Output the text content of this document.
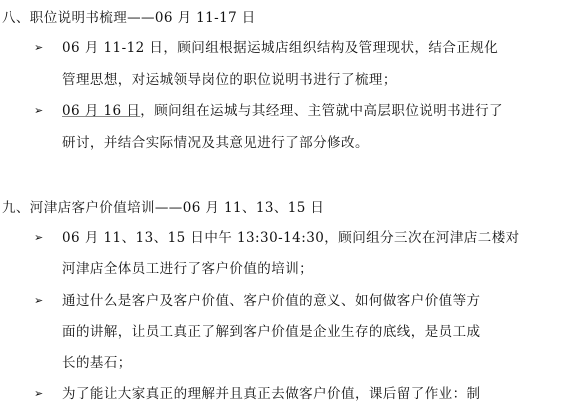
八、职位说明书梳理——06 月 11-17 日
➢ 06 月 11-12 日，顾问组根据运城店组织结构及管理现状，结合正规化
管理思想，对运城领导岗位的职位说明书进行了梳理；
➢ 06 月 16 日，顾问组在运城与其经理、主管就中高层职位说明书进行了
研讨，并结合实际情况及其意见进行了部分修改。
九、河津店客户价值培训——06 月 11、13、15 日
➢ 06 月 11、13、15 日中午 13:30-14:30，顾问组分三次在河津店二楼对
河津店全体员工进行了客户价值的培训；
➢ 通过什么是客户及客户价值、客户价值的意义、如何做客户价值等方
面的讲解，让员工真正了解到客户价值是企业生存的底线，是员工成
长的基石；
➢ 为了能让大家真正的理解并且真正去做客户价值，课后留了作业：制
